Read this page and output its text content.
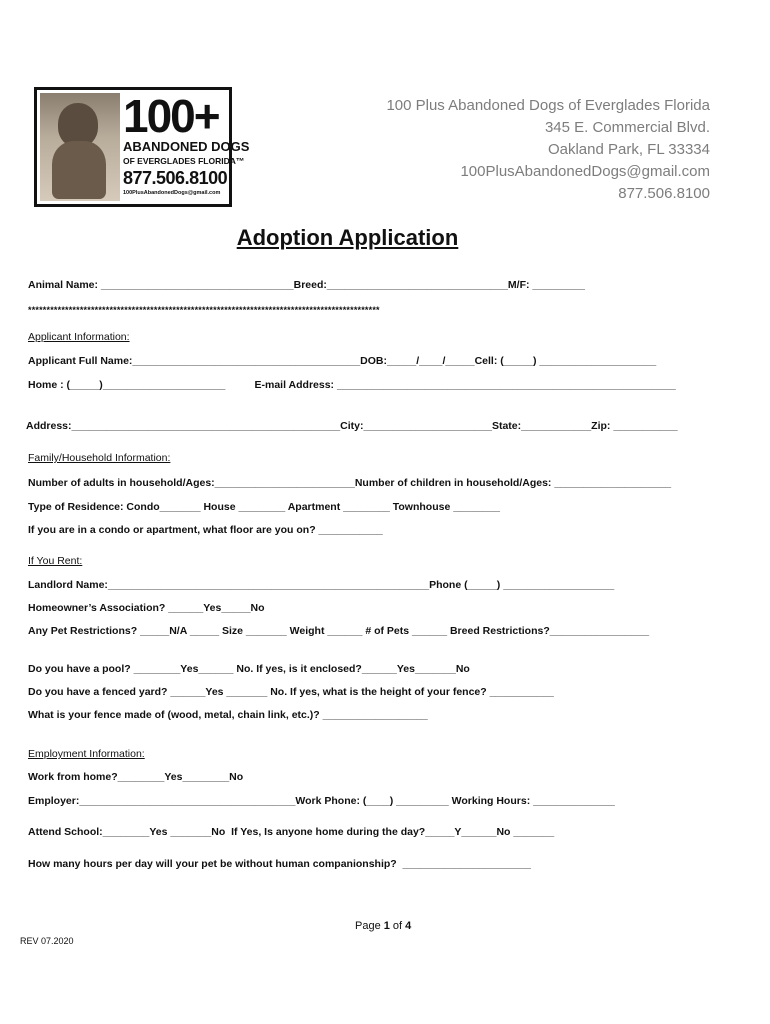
100+
ABANDONED DOGS
OF EVERGLADES FLORIDA™
877.506.8100
100PlusAbandonedDogs@gmail.com
100 Plus Abandoned Dogs of Everglades Florida
345 E. Commercial Blvd.
Oakland Park, FL 33334
100PlusAbandonedDogs@gmail.com
877.506.8100
Adoption Application
Animal Name: _________________________________Breed:_______________________________M/F: _________
***********************************************************************************************
Applicant Information:
Applicant Full Name:_______________________________________DOB:_____/____/_____Cell: (_____) ____________________
Home : (_____)_____________________          E-mail Address: __________________________________________________________
Address:______________________________________________City:______________________State:____________Zip: ___________
Family/Household Information:
Number of adults in household/Ages:________________________Number of children in household/Ages: ____________________
Type of Residence: Condo_______ House ________ Apartment ________ Townhouse ________
If you are in a condo or apartment, what floor are you on? ___________
If You Rent:
Landlord Name:_______________________________________________________Phone (_____) ___________________
Homeowner’s Association? ______Yes_____No
Any Pet Restrictions? _____N/A _____ Size _______ Weight ______ # of Pets ______ Breed Restrictions?_________________
Do you have a pool? ________Yes______ No. If yes, is it enclosed?______Yes_______No
Do you have a fenced yard? ______Yes _______ No. If yes, what is the height of your fence? ___________
What is your fence made of (wood, metal, chain link, etc.)? __________________
Employment Information:
Work from home?________Yes________No
Employer:_____________________________________Work Phone: (____) _________ Working Hours: ______________
Attend School:________Yes _______No  If Yes, Is anyone home during the day?_____Y______No _______
How many hours per day will your pet be without human companionship?  ______________________
Page 1 of 4
REV 07.2020
